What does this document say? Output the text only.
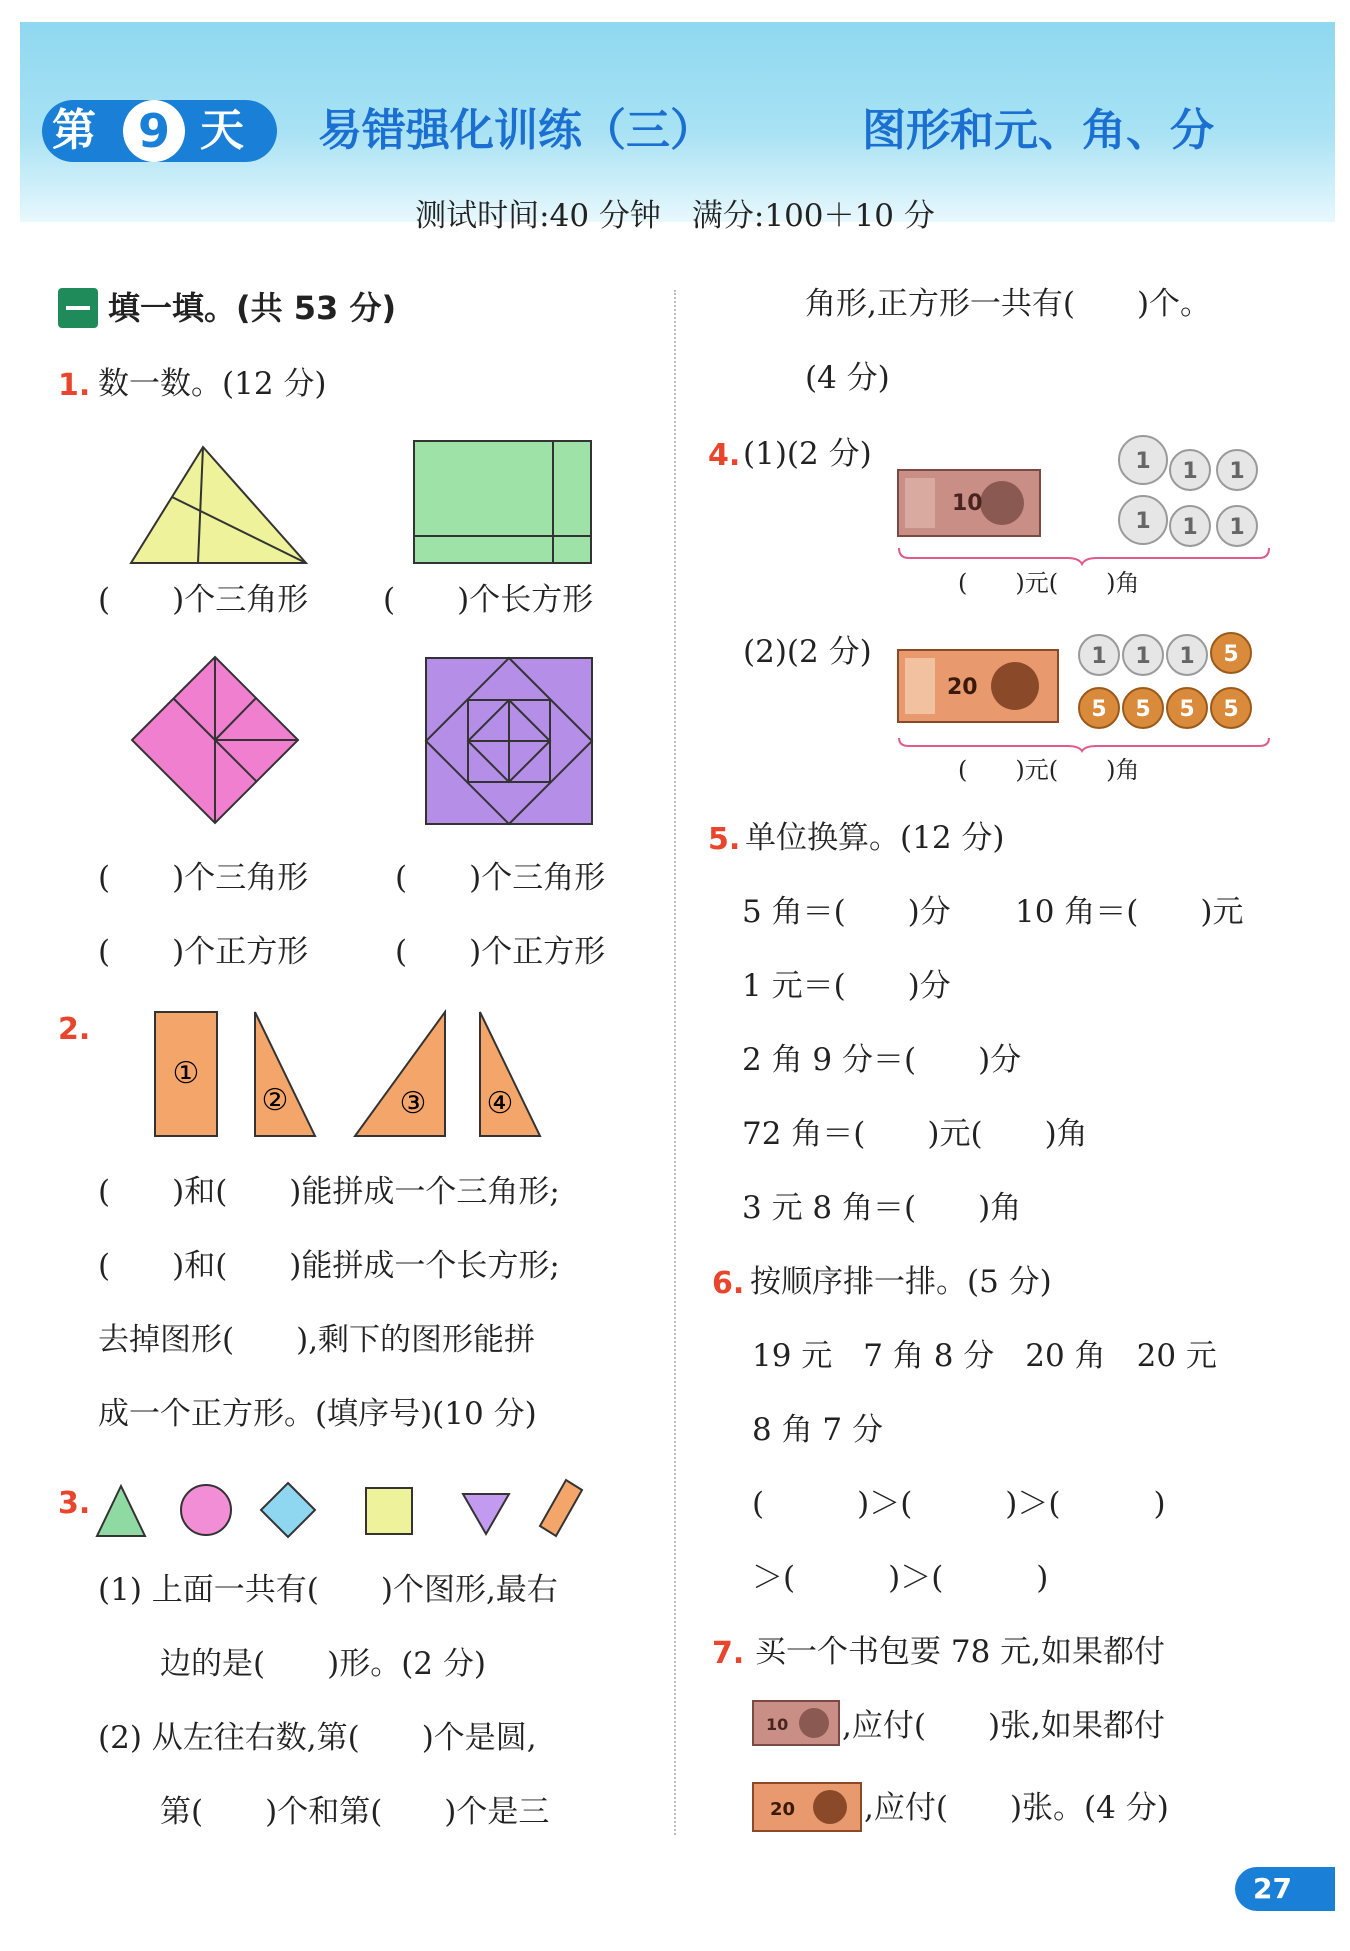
第 9 天 易错强化训练（三）	图形和元、角、分
测试时间:40 分钟　满分:100＋10 分
填一填。(共 53 分)
1. 数一数。(12 分)
(　　)个三角形 (　　)个长方形
(　　)个三角形	(　　)个三角形
(　　)个正方形	(　　)个正方形
2.
①
②	③ ④
(　　)和(　　)能拼成一个三角形;
(　　)和(　　)能拼成一个长方形;
去掉图形(　　),剩下的图形能拼
成一个正方形。(填序号)(10 分)
3.
(1) 上面一共有(　　)个图形,最右
边的是(　　)形。(2 分)
(2) 从左往右数,第(　　)个是圆,
第(　　)个和第(　　)个是三
角形,正方形一共有(　　)个。
(4 分)
4. (1)(2 分)
10
1 1 1
1 1 1
(　　)元(　　)角
(2)(2 分)
20
1 1 1 5
5 5 5 5
(　　)元(　　)角
5. 单位换算。(12 分)
5 角＝(　　)分 10 角＝(　　)元
1 元＝(　　)分
2 角 9 分＝(　　)分
72 角＝(　　)元(　　)角
3 元 8 角＝(　　)角
6. 按顺序排一排。(5 分)
19 元　7 角 8 分　20 角　20 元
8 角 7 分
(　　　)＞(　　　)＞(　　　)
＞(　　　)＞(　　　)
7. 买一个书包要 78 元,如果都付
10 ,应付(　　)张,如果都付
20 ,应付(　　)张。(4 分)
27
